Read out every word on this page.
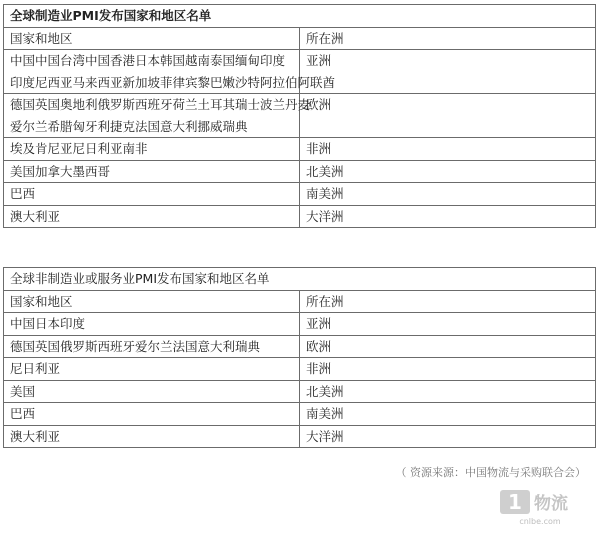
全球制造业PMI发布国家和地区名单	
国家和地区	所在洲

中国中国台湾中国香港日本韩国越南泰国缅甸印度
印度尼西亚马来西亚新加坡菲律宾黎巴嫩沙特阿拉伯阿联酋	亚洲

德国英国奥地利俄罗斯西班牙荷兰土耳其瑞士波兰丹麦
爱尔兰希腊匈牙利捷克法国意大利挪威瑞典	欧洲
埃及肯尼亚尼日利亚南非	非洲
美国加拿大墨西哥	北美洲
巴西	南美洲
澳大利亚	大洋洲
全球非制造业或服务业PMI发布国家和地区名单	
国家和地区	所在洲
中国日本印度	亚洲
德国英国俄罗斯西班牙爱尔兰法国意大利瑞典	欧洲
尼日利亚	非洲
美国	北美洲
巴西	南美洲
澳大利亚	大洋洲
（ 资源来源：中国物流与采购联合会）
1 物流
cnlbe.com
